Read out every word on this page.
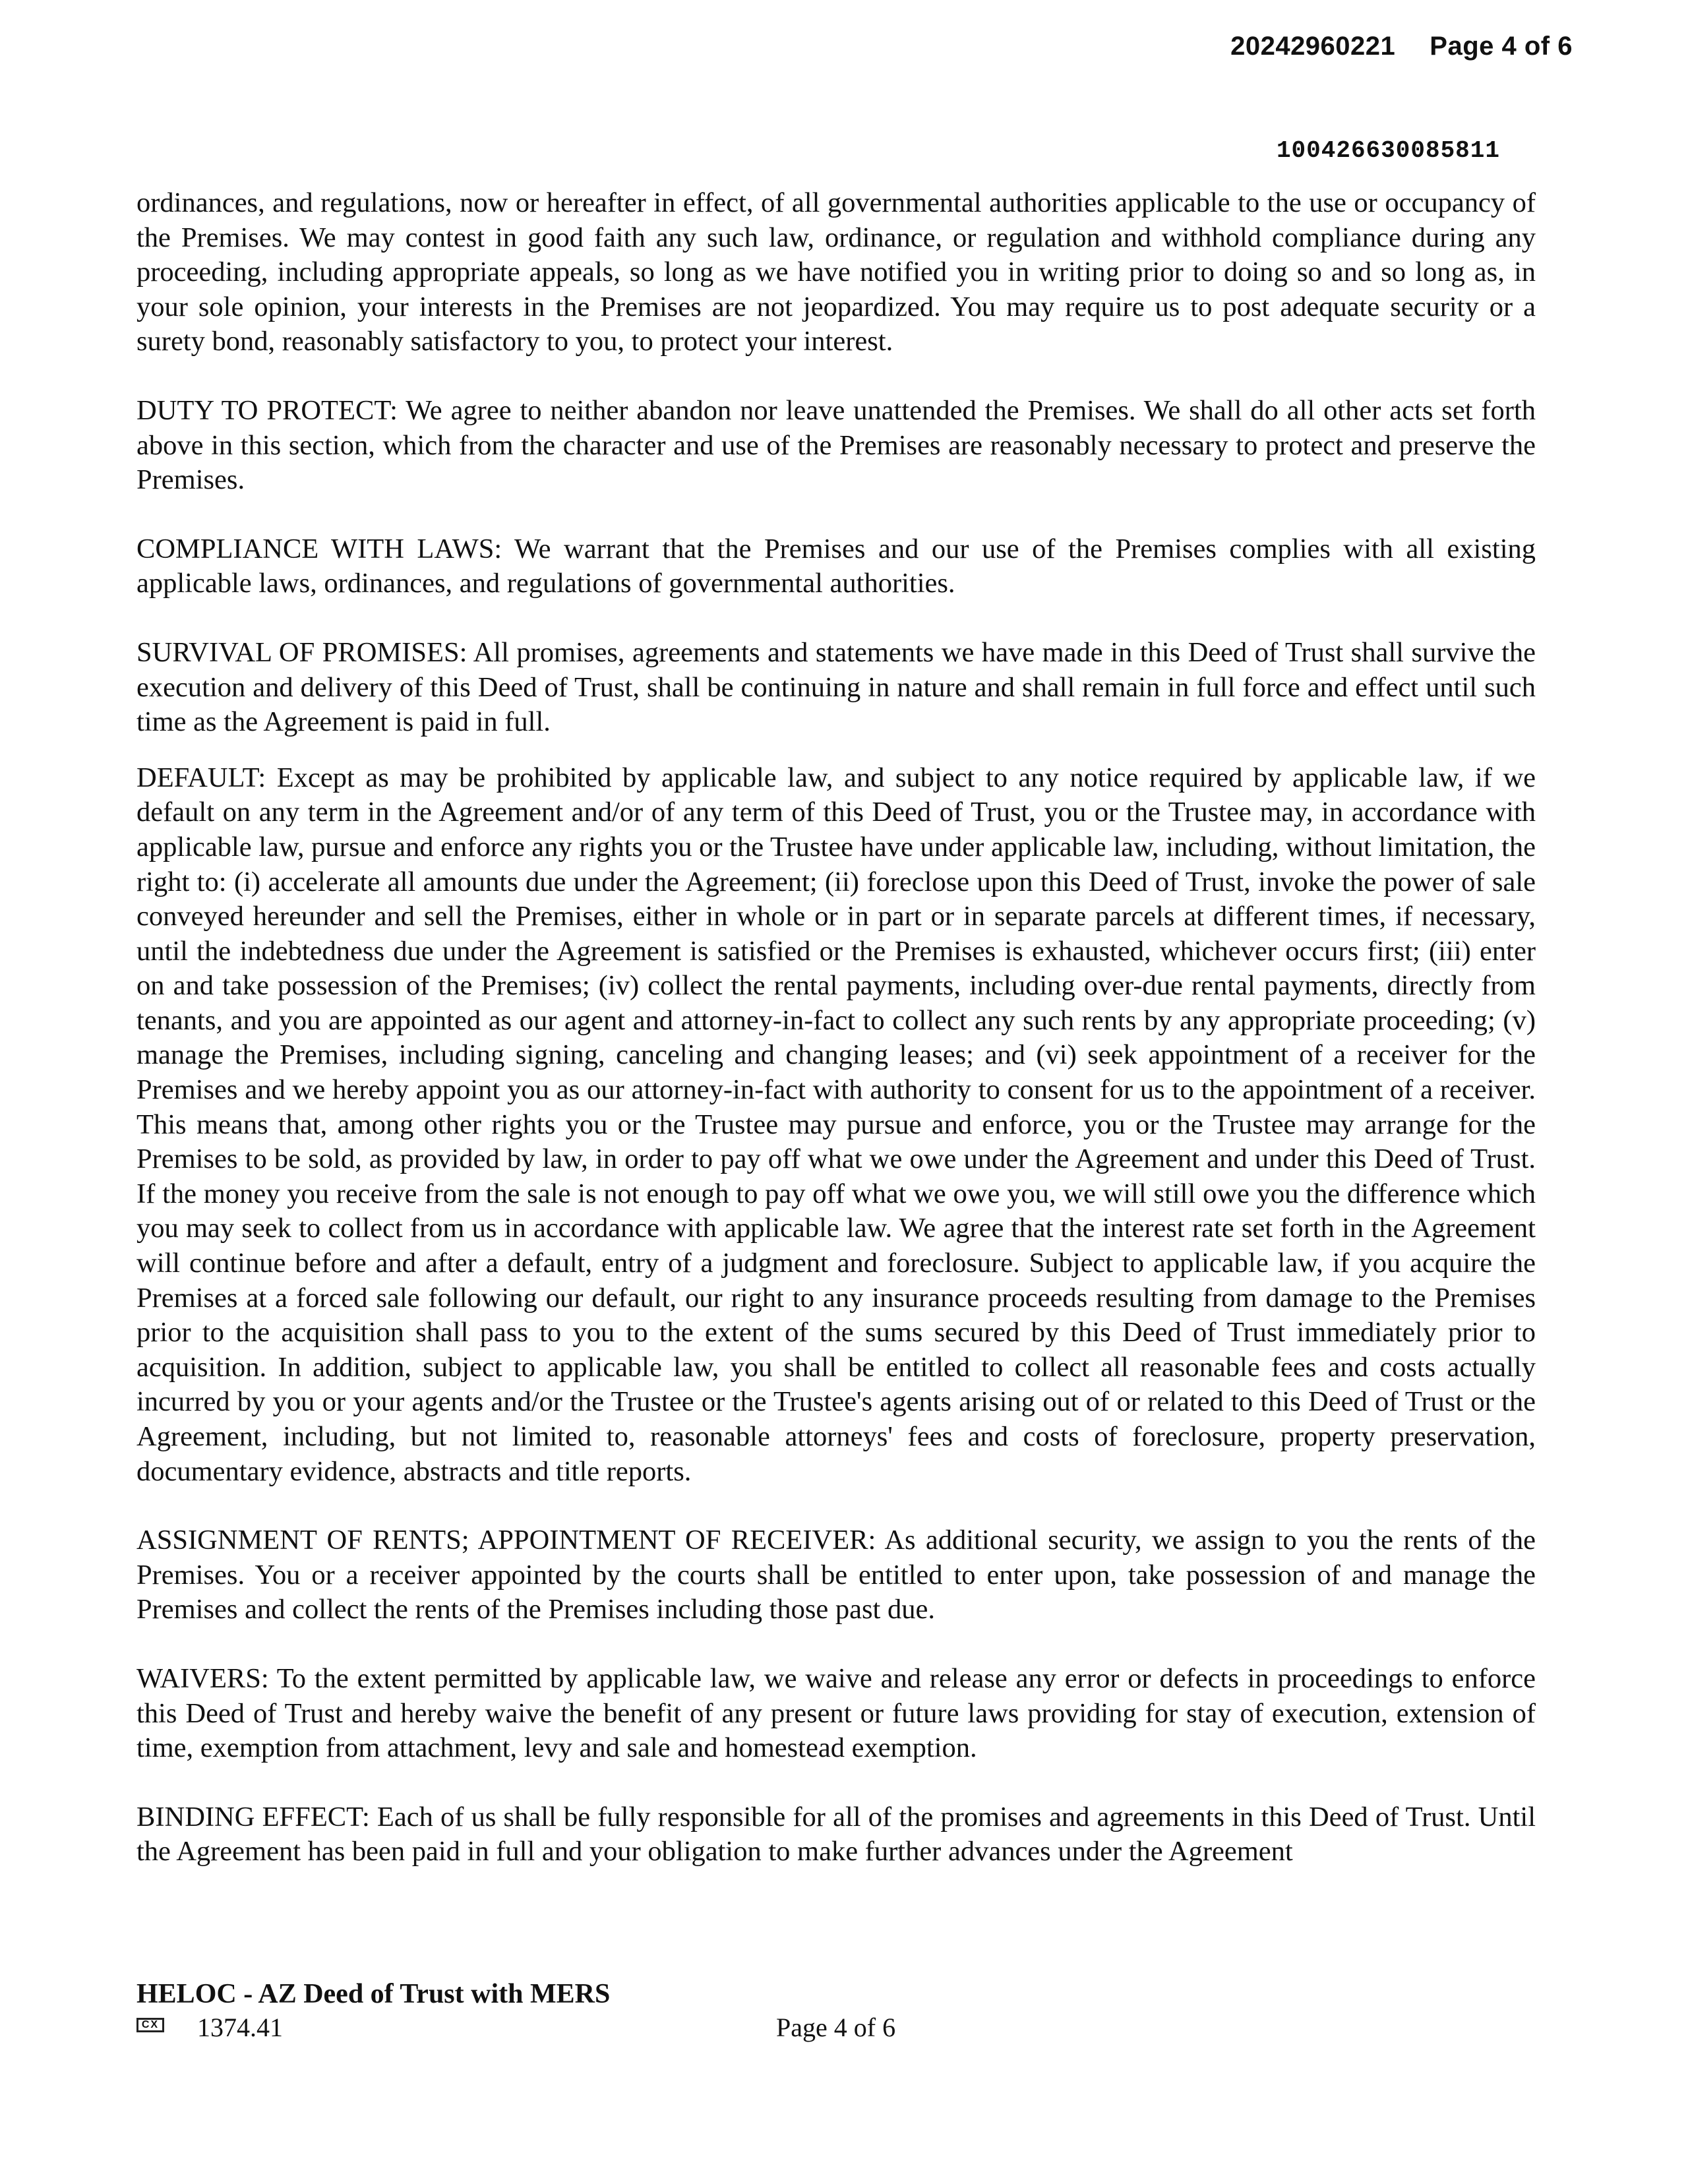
20242960221 Page 4 of 6
100426630085811

ordinances, and regulations, now or hereafter in effect, of all governmental authorities applicable to the use or occupancy of the Premises. We may contest in good faith any such law, ordinance, or regulation and withhold compliance during any proceeding, including appropriate appeals, so long as we have notified you in writing prior to doing so and so long as, in your sole opinion, your interests in the Premises are not jeopardized. You may require us to post adequate security or a surety bond, reasonably satisfactory to you, to protect your interest.

DUTY TO PROTECT: We agree to neither abandon nor leave unattended the Premises. We shall do all other acts set forth above in this section, which from the character and use of the Premises are reasonably necessary to protect and preserve the Premises.

COMPLIANCE WITH LAWS: We warrant that the Premises and our use of the Premises complies with all existing applicable laws, ordinances, and regulations of governmental authorities.

SURVIVAL OF PROMISES: All promises, agreements and statements we have made in this Deed of Trust shall survive the execution and delivery of this Deed of Trust, shall be continuing in nature and shall remain in full force and effect until such time as the Agreement is paid in full.

DEFAULT: Except as may be prohibited by applicable law, and subject to any notice required by applicable law, if we default on any term in the Agreement and/or of any term of this Deed of Trust, you or the Trustee may, in accordance with applicable law, pursue and enforce any rights you or the Trustee have under applicable law, including, without limitation, the right to: (i) accelerate all amounts due under the Agreement; (ii) foreclose upon this Deed of Trust, invoke the power of sale conveyed hereunder and sell the Premises, either in whole or in part or in separate parcels at different times, if necessary, until the indebtedness due under the Agreement is satisfied or the Premises is exhausted, whichever occurs first; (iii) enter on and take possession of the Premises; (iv) collect the rental payments, including over-due rental payments, directly from tenants, and you are appointed as our agent and attorney-in-fact to collect any such rents by any appropriate proceeding; (v) manage the Premises, including signing, canceling and changing leases; and (vi) seek appointment of a receiver for the Premises and we hereby appoint you as our attorney-in-fact with authority to consent for us to the appointment of a receiver. This means that, among other rights you or the Trustee may pursue and enforce, you or the Trustee may arrange for the Premises to be sold, as provided by law, in order to pay off what we owe under the Agreement and under this Deed of Trust. If the money you receive from the sale is not enough to pay off what we owe you, we will still owe you the difference which you may seek to collect from us in accordance with applicable law. We agree that the interest rate set forth in the Agreement will continue before and after a default, entry of a judgment and foreclosure. Subject to applicable law, if you acquire the Premises at a forced sale following our default, our right to any insurance proceeds resulting from damage to the Premises prior to the acquisition shall pass to you to the extent of the sums secured by this Deed of Trust immediately prior to acquisition. In addition, subject to applicable law, you shall be entitled to collect all reasonable fees and costs actually incurred by you or your agents and/or the Trustee or the Trustee's agents arising out of or related to this Deed of Trust or the Agreement, including, but not limited to, reasonable attorneys' fees and costs of foreclosure, property preservation, documentary evidence, abstracts and title reports.

ASSIGNMENT OF RENTS; APPOINTMENT OF RECEIVER: As additional security, we assign to you the rents of the Premises. You or a receiver appointed by the courts shall be entitled to enter upon, take possession of and manage the Premises and collect the rents of the Premises including those past due.

WAIVERS: To the extent permitted by applicable law, we waive and release any error or defects in proceedings to enforce this Deed of Trust and hereby waive the benefit of any present or future laws providing for stay of execution, extension of time, exemption from attachment, levy and sale and homestead exemption.

BINDING EFFECT: Each of us shall be fully responsible for all of the promises and agreements in this Deed of Trust. Until the Agreement has been paid in full and your obligation to make further advances under the Agreement

HELOC - AZ Deed of Trust with MERS
CX 1374.41	Page 4 of 6
